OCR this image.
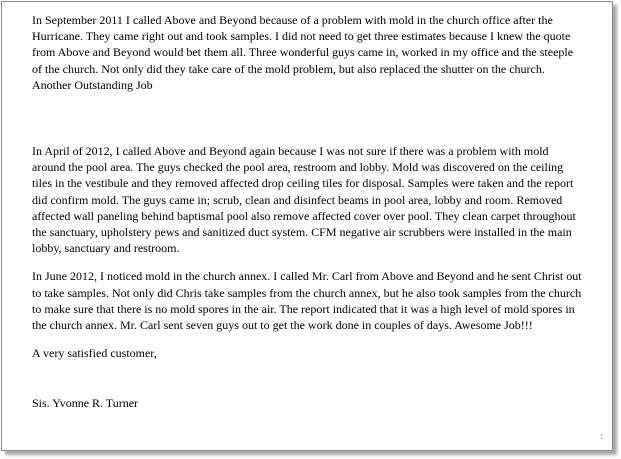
In September 2011 I called Above and Beyond because of a problem with mold in the church office after the Hurricane. They came right out and took samples. I did not need to get three estimates because I knew the quote from Above and Beyond would bet them all. Three wonderful guys came in, worked in my office and the steeple of the church. Not only did they take care of the mold problem, but also replaced the shutter on the church. Another Outstanding Job

In April of 2012, I called Above and Beyond again because I was not sure if there was a problem with mold around the pool area. The guys checked the pool area, restroom and lobby. Mold was discovered on the ceiling tiles in the vestibule and they removed affected drop ceiling tiles for disposal. Samples were taken and the report did confirm mold. The guys came in; scrub, clean and disinfect beams in pool area, lobby and room. Removed affected wall paneling behind baptismal pool also remove affected cover over pool. They clean carpet throughout the sanctuary, upholstery pews and sanitized duct system. CFM negative air scrubbers were installed in the main lobby, sanctuary and restroom.

In June 2012, I noticed mold in the church annex. I called Mr. Carl from Above and Beyond and he sent Christ out to take samples. Not only did Chris take samples from the church annex, but he also took samples from the church to make sure that there is no mold spores in the air. The report indicated that it was a high level of mold spores in the church annex. Mr. Carl sent seven guys out to get the work done in couples of days. Awesome Job!!!

A very satisfied customer,

Sis. Yvonne R. Turner

1
